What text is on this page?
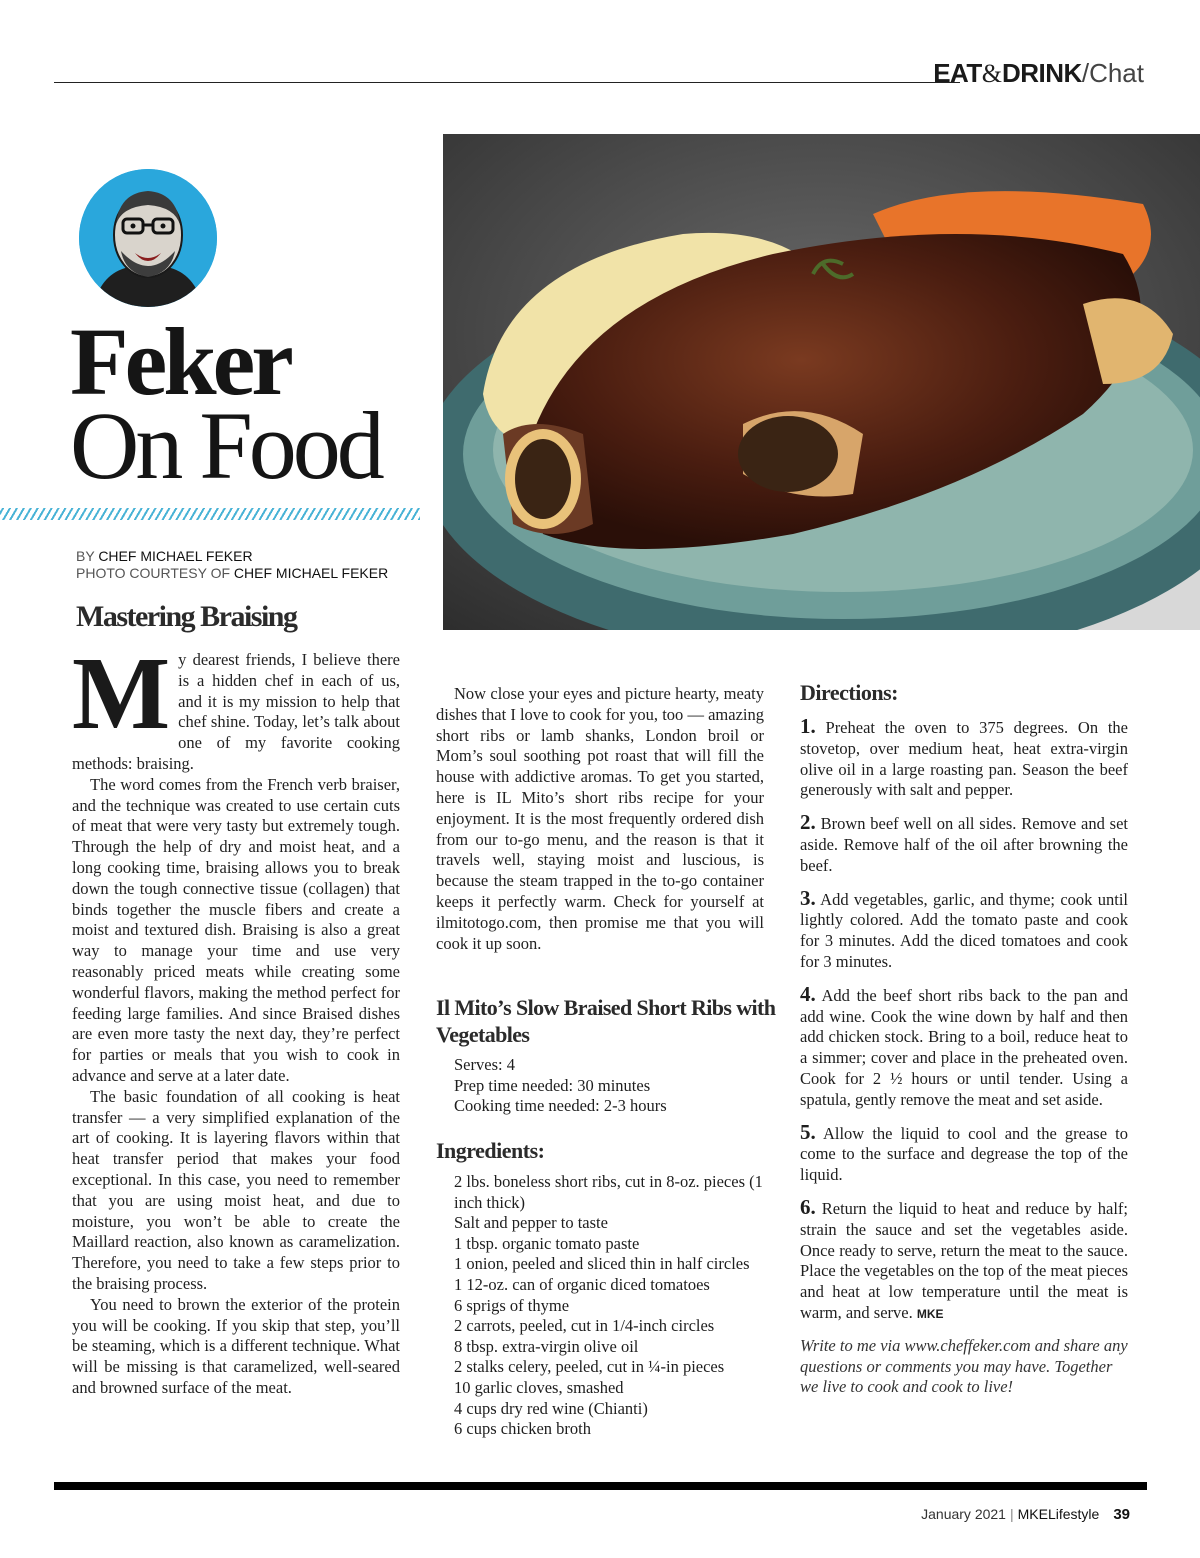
EAT&DRINK/Chat
Feker
On Food
BY CHEF MICHAEL FEKER
PHOTO COURTESY OF CHEF MICHAEL FEKER
Mastering Braising

My dearest friends, I believe there is a hidden chef in each of us, and it is my mission to help that chef shine. Today, let’s talk about one of my favorite cooking methods: braising.

The word comes from the French verb braiser, and the technique was created to use certain cuts of meat that were very tasty but extremely tough. Through the help of dry and moist heat, and a long cooking time, braising allows you to break down the tough connective tissue (collagen) that binds together the muscle fibers and create a moist and textured dish. Braising is also a great way to manage your time and use very reasonably priced meats while creating some wonderful flavors, making the method perfect for feeding large families. And since Braised dishes are even more tasty the next day, they’re perfect for parties or meals that you wish to cook in advance and serve at a later date.

The basic foundation of all cooking is heat transfer — a very simplified explanation of the art of cooking. It is layering flavors within that heat transfer period that makes your food exceptional. In this case, you need to remember that you are using moist heat, and due to moisture, you won’t be able to create the Maillard reaction, also known as caramelization. Therefore, you need to take a few steps prior to the braising process.

You need to brown the exterior of the protein you will be cooking. If you skip that step, you’ll be steaming, which is a different technique. What will be missing is that caramelized, well-seared and browned surface of the meat.

Now close your eyes and picture hearty, meaty dishes that I love to cook for you, too — amazing short ribs or lamb shanks, London broil or Mom’s soul soothing pot roast that will fill the house with addictive aromas. To get you started, here is IL Mito’s short ribs recipe for your enjoyment. It is the most frequently ordered dish from our to-go menu, and the reason is that it travels well, staying moist and luscious, is because the steam trapped in the to-go container keeps it perfectly warm. Check for yourself at ilmitotogo.com, then promise me that you will cook it up soon.

Il Mito’s Slow Braised Short Ribs with Vegetables
Serves: 4
Prep time needed: 30 minutes
Cooking time needed: 2-3 hours
Ingredients:
2 lbs. boneless short ribs, cut in 8-oz. pieces (1 inch thick)
Salt and pepper to taste
1 tbsp. organic tomato paste
1 onion, peeled and sliced thin in half circles
1 12-oz. can of organic diced tomatoes
6 sprigs of thyme
2 carrots, peeled, cut in 1/4-inch circles
8 tbsp. extra-virgin olive oil
2 stalks celery, peeled, cut in ¼-in pieces
10 garlic cloves, smashed
4 cups dry red wine (Chianti)
6 cups chicken broth
Directions:
1. Preheat the oven to 375 degrees. On the stovetop, over medium heat, heat extra-virgin olive oil in a large roasting pan. Season the beef generously with salt and pepper.
2. Brown beef well on all sides. Remove and set aside. Remove half of the oil after browning the beef.
3. Add vegetables, garlic, and thyme; cook until lightly colored. Add the tomato paste and cook for 3 minutes. Add the diced tomatoes and cook for 3 minutes.
4. Add the beef short ribs back to the pan and add wine. Cook the wine down by half and then add chicken stock. Bring to a boil, reduce heat to a simmer; cover and place in the preheated oven. Cook for 2 ½ hours or until tender. Using a spatula, gently remove the meat and set aside.
5. Allow the liquid to cool and the grease to come to the surface and degrease the top of the liquid.
6. Return the liquid to heat and reduce by half; strain the sauce and set the vegetables aside. Once ready to serve, return the meat to the sauce. Place the vegetables on the top of the meat pieces and heat at low temperature until the meat is warm, and serve. MKE
Write to me via www.cheffeker.com and share any questions or comments you may have. Together we live to cook and cook to live!
January 2021 | MKELifestyle 39
